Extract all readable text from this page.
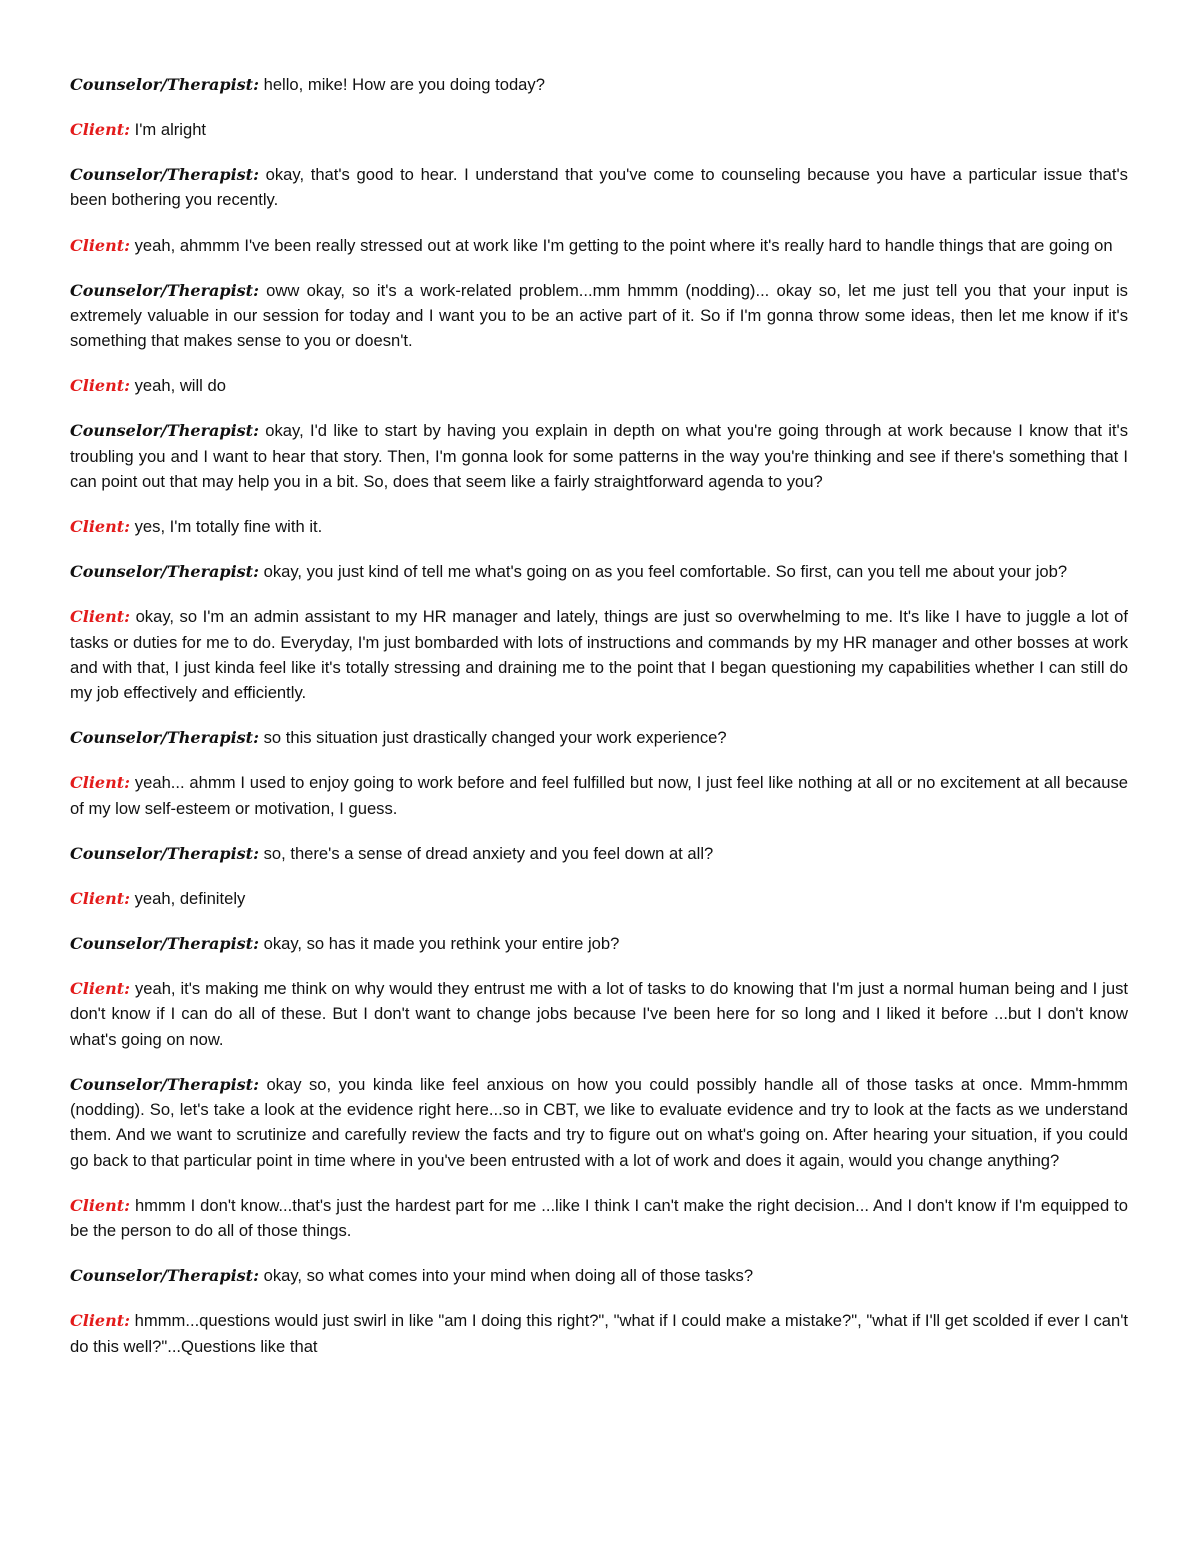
Counselor/Therapist: hello, mike! How are you doing today?

Client: I'm alright

Counselor/Therapist: okay, that's good to hear. I understand that you've come to counseling because you have a particular issue that's been bothering you recently.

Client: yeah, ahmmm I've been really stressed out at work like I'm getting to the point where it's really hard to handle things that are going on

Counselor/Therapist: oww okay, so it's a work-related problem...mm hmmm (nodding)... okay so, let me just tell you that your input is extremely valuable in our session for today and I want you to be an active part of it. So if I'm gonna throw some ideas, then let me know if it's something that makes sense to you or doesn't.

Client: yeah, will do

Counselor/Therapist: okay, I'd like to start by having you explain in depth on what you're going through at work because I know that it's troubling you and I want to hear that story. Then, I'm gonna look for some patterns in the way you're thinking and see if there's something that I can point out that may help you in a bit. So, does that seem like a fairly straightforward agenda to you?

Client: yes, I'm totally fine with it.

Counselor/Therapist: okay, you just kind of tell me what's going on as you feel comfortable. So first, can you tell me about your job?

Client: okay, so I'm an admin assistant to my HR manager and lately, things are just so overwhelming to me. It's like I have to juggle a lot of tasks or duties for me to do. Everyday, I'm just bombarded with lots of instructions and commands by my HR manager and other bosses at work and with that, I just kinda feel like it's totally stressing and draining me to the point that I began questioning my capabilities whether I can still do my job effectively and efficiently.

Counselor/Therapist: so this situation just drastically changed your work experience?

Client: yeah... ahmm I used to enjoy going to work before and feel fulfilled but now, I just feel like nothing at all or no excitement at all because of my low self-esteem or motivation, I guess.

Counselor/Therapist: so, there's a sense of dread anxiety and you feel down at all?

Client: yeah, definitely

Counselor/Therapist: okay, so has it made you rethink your entire job?

Client: yeah, it's making me think on why would they entrust me with a lot of tasks to do knowing that I'm just a normal human being and I just don't know if I can do all of these. But I don't want to change jobs because I've been here for so long and I liked it before ...but I don't know what's going on now.

Counselor/Therapist: okay so, you kinda like feel anxious on how you could possibly handle all of those tasks at once. Mmm-hmmm (nodding). So, let's take a look at the evidence right here...so in CBT, we like to evaluate evidence and try to look at the facts as we understand them. And we want to scrutinize and carefully review the facts and try to figure out on what's going on. After hearing your situation, if you could go back to that particular point in time where in you've been entrusted with a lot of work and does it again, would you change anything?

Client: hmmm I don't know...that's just the hardest part for me ...like I think I can't make the right decision... And I don't know if I'm equipped to be the person to do all of those things.

Counselor/Therapist: okay, so what comes into your mind when doing all of those tasks?

Client: hmmm...questions would just swirl in like "am I doing this right?", "what if I could make a mistake?", "what if I'll get scolded if ever I can't do this well?"...Questions like that
